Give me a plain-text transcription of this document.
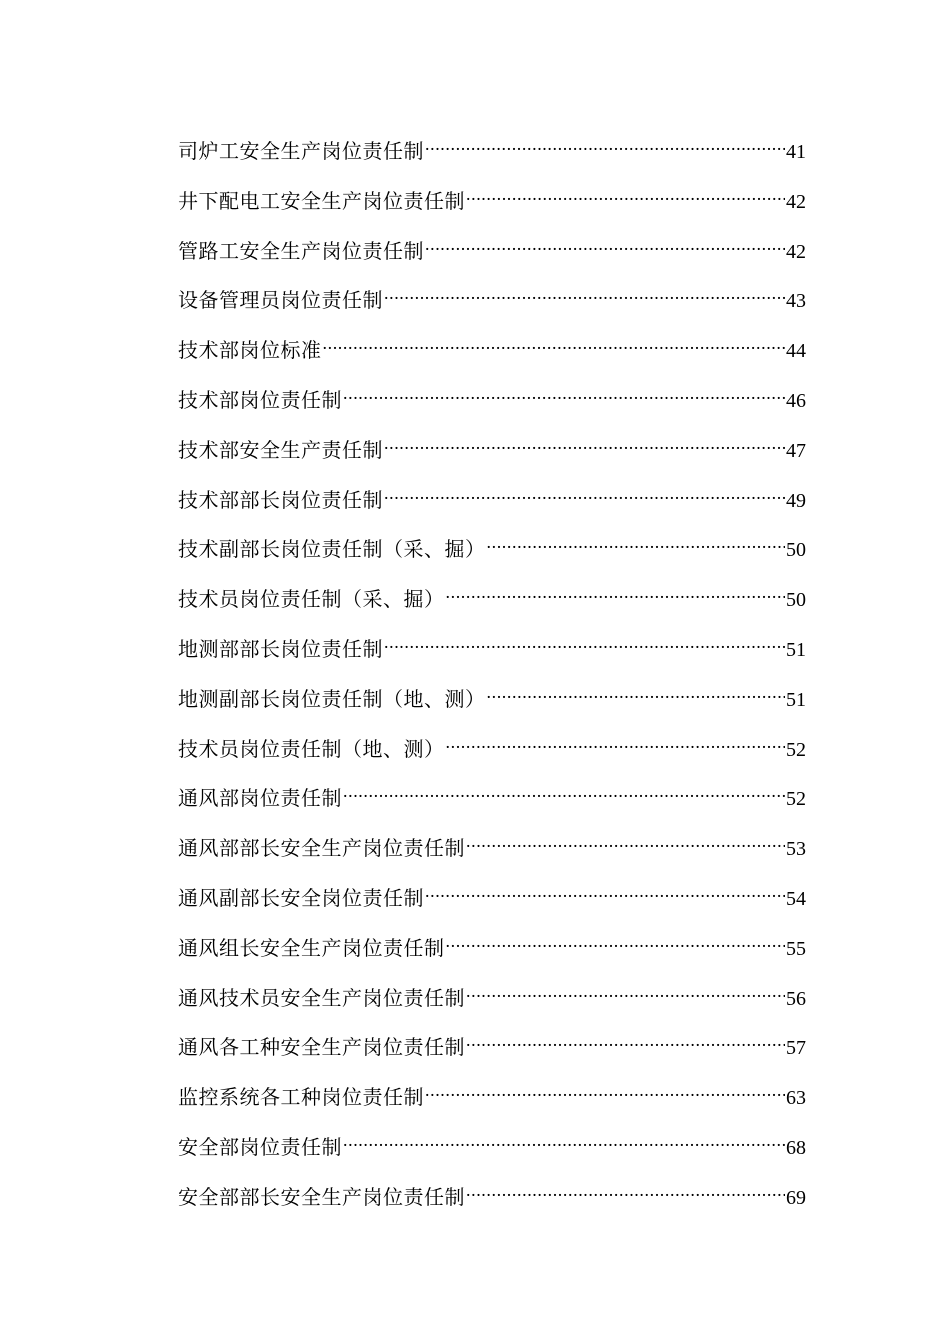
司炉工安全生产岗位责任制 .....	41
井下配电工安全生产岗位责任制 .....	42
管路工安全生产岗位责任制 .....	42
设备管理员岗位责任制 .....	43
技术部岗位标准 .....	44
技术部岗位责任制 .....	46
技术部安全生产责任制 .....	47
技术部部长岗位责任制 .....	49
技术副部长岗位责任制（采、掘） .....	50
技术员岗位责任制（采、掘） .....	50
地测部部长岗位责任制 .....	51
地测副部长岗位责任制（地、测） .....	51
技术员岗位责任制（地、测） .....	52
通风部岗位责任制 .....	52
通风部部长安全生产岗位责任制 .....	53
通风副部长安全岗位责任制 .....	54
通风组长安全生产岗位责任制 .....	55
通风技术员安全生产岗位责任制 .....	56
通风各工种安全生产岗位责任制 .....	57
监控系统各工种岗位责任制 .....	63
安全部岗位责任制 .....	68
安全部部长安全生产岗位责任制 .....	69
